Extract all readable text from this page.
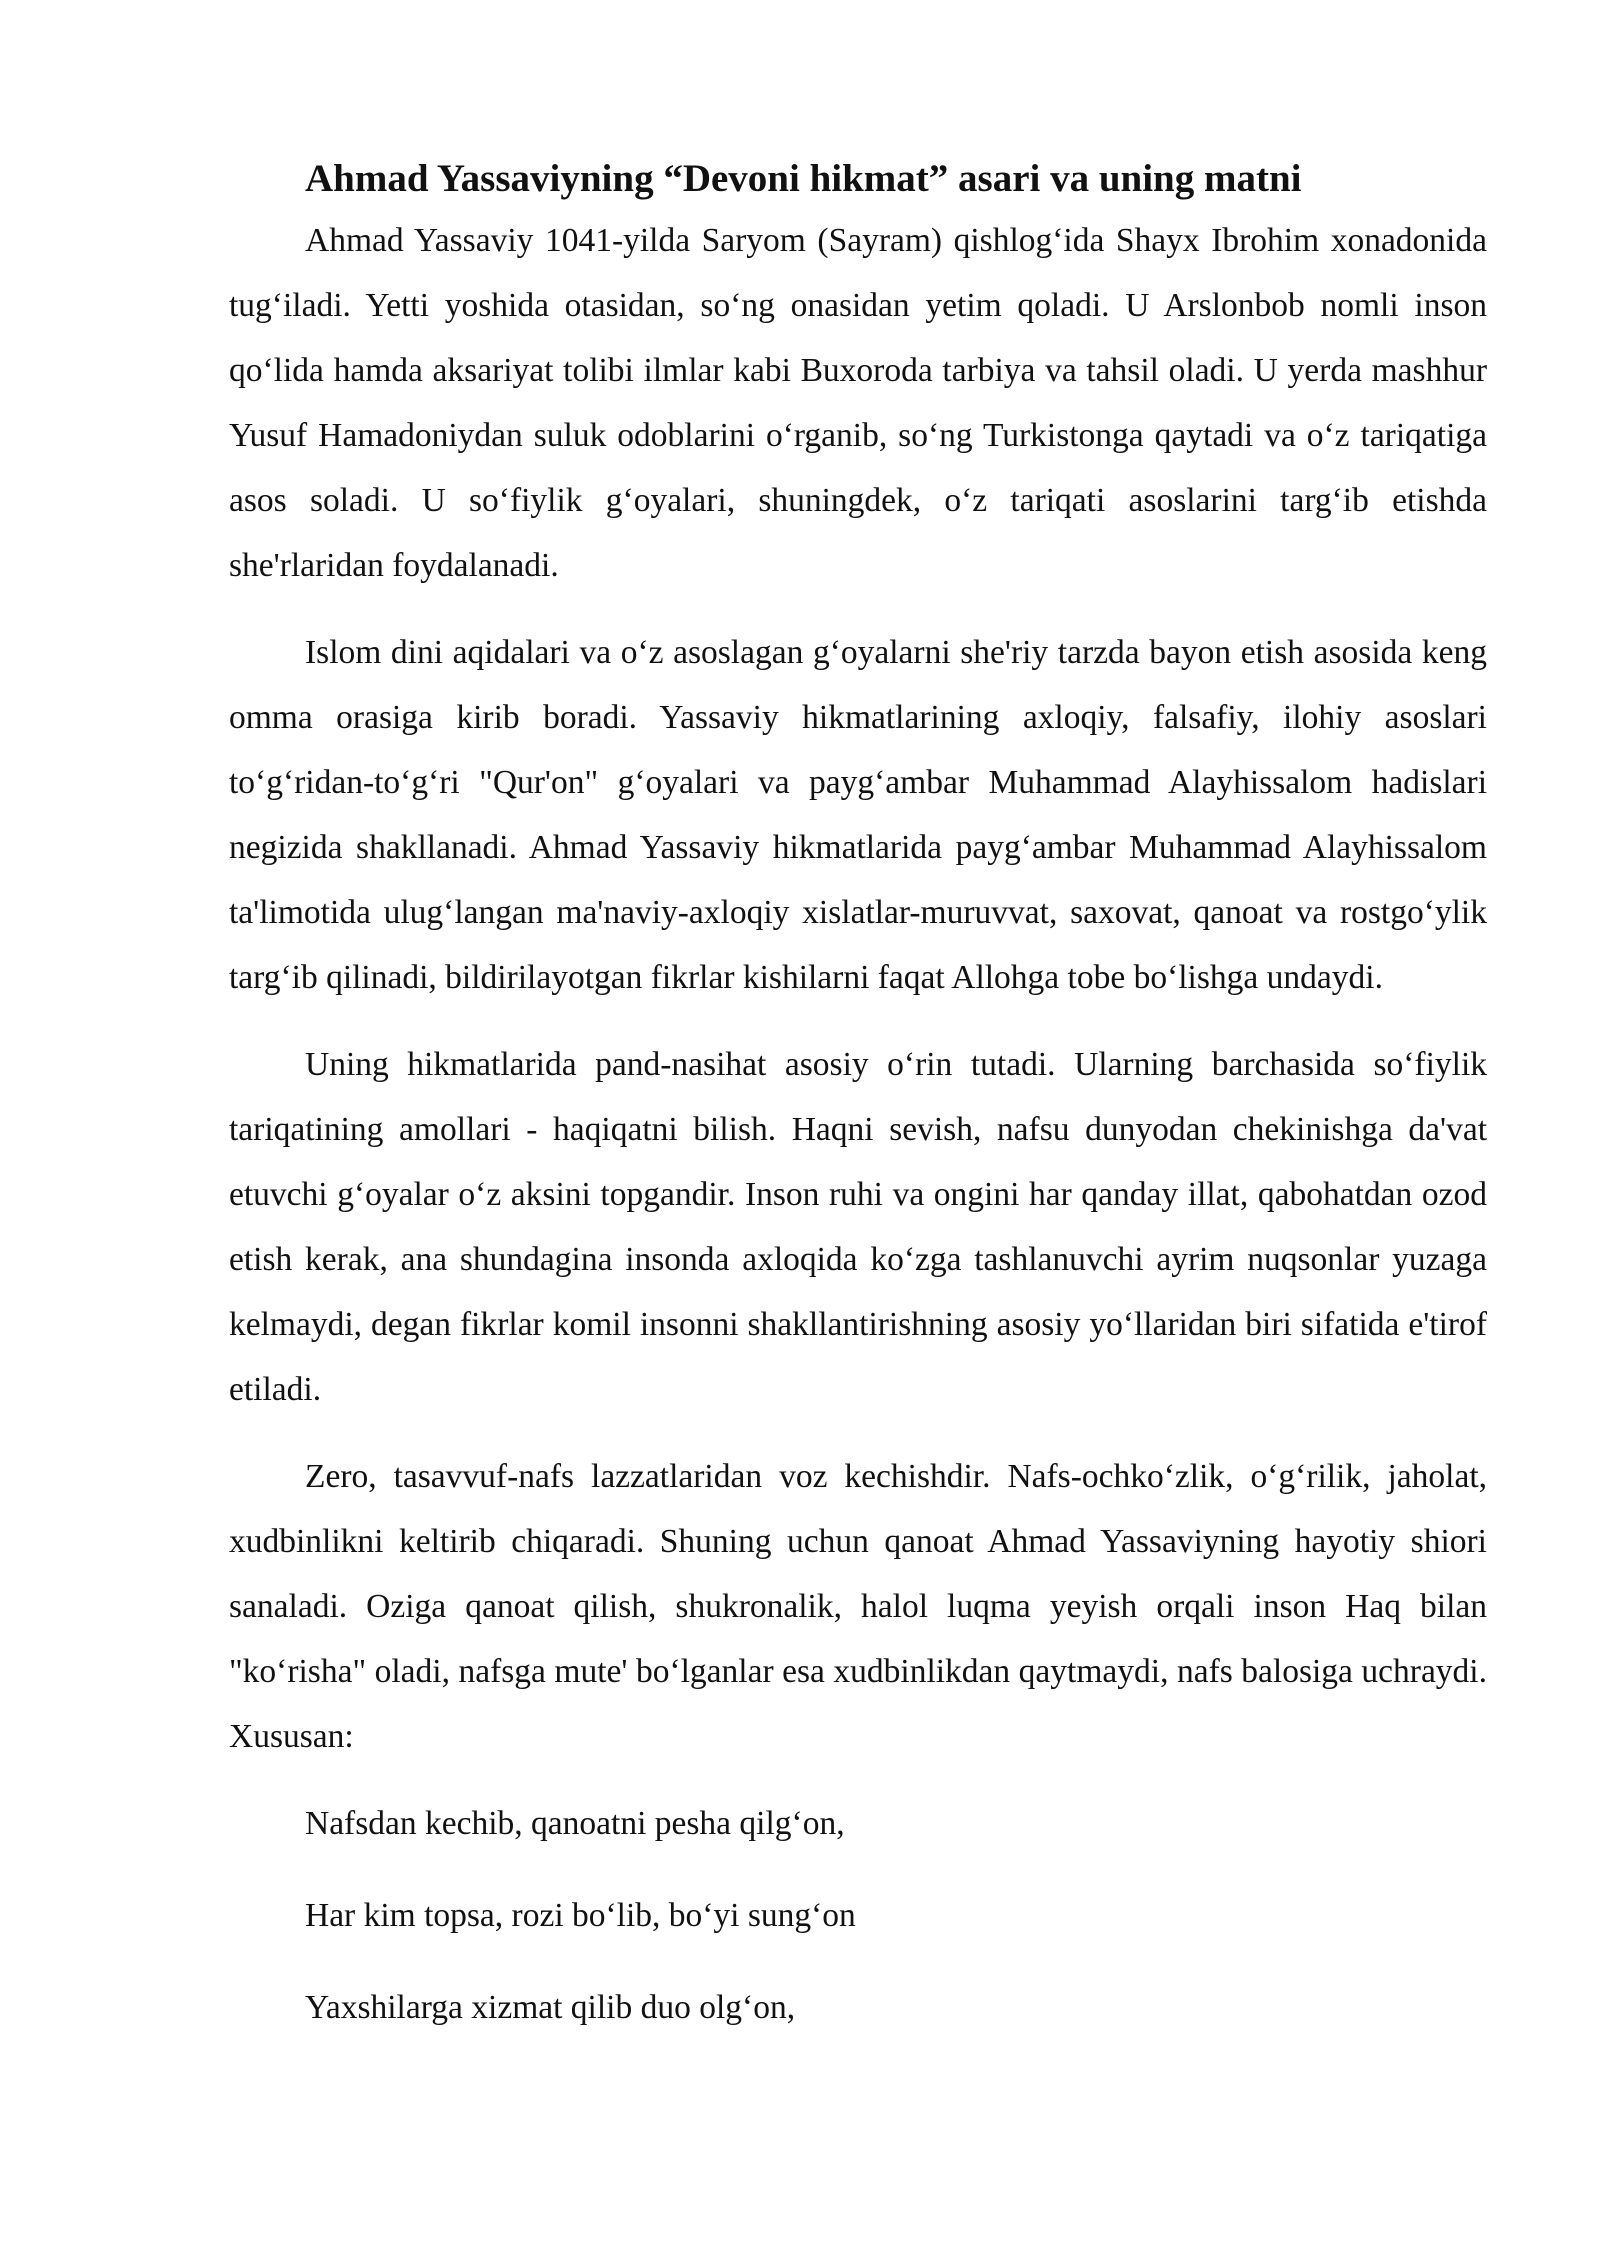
Ahmad Yassaviyning “Devoni hikmat” asari va uning matni

Ahmad Yassaviy 1041-yilda Saryom (Sayram) qishlog‘ida Shayx Ibrohim xonadonida tug‘iladi. Yetti yoshida otasidan, so‘ng onasidan yetim qoladi. U Arslonbob nomli inson qo‘lida hamda aksariyat tolibi ilmlar kabi Buxoroda tarbiya va tahsil oladi. U yerda mashhur Yusuf Hamadoniydan suluk odoblarini o‘rganib, so‘ng Turkistonga qaytadi va o‘z tariqatiga asos soladi. U so‘fiylik g‘oyalari, shuningdek, o‘z tariqati asoslarini targ‘ib etishda she'rlaridan foydalanadi.

Islom dini aqidalari va o‘z asoslagan g‘oyalarni she'riy tarzda bayon etish asosida keng omma orasiga kirib boradi. Yassaviy hikmatlarining axloqiy, falsafiy, ilohiy asoslari to‘g‘ridan-to‘g‘ri "Qur'on" g‘oyalari va payg‘ambar Muhammad Alayhissalom hadislari negizida shakllanadi. Ahmad Yassaviy hikmatlarida payg‘ambar Muhammad Alayhissalom ta'limotida ulug‘langan ma'naviy-axloqiy xislatlar-muruvvat, saxovat, qanoat va rostgo‘ylik targ‘ib qilinadi, bildirilayotgan fikrlar kishilarni faqat Allohga tobe bo‘lishga undaydi.

Uning hikmatlarida pand-nasihat asosiy o‘rin tutadi. Ularning barchasida so‘fiylik tariqatining amollari - haqiqatni bilish. Haqni sevish, nafsu dunyodan chekinishga da'vat etuvchi g‘oyalar o‘z aksini topgandir. Inson ruhi va ongini har qanday illat, qabohatdan ozod etish kerak, ana shundagina insonda axloqida ko‘zga tashlanuvchi ayrim nuqsonlar yuzaga kelmaydi, degan fikrlar komil insonni shakllantirishning asosiy yo‘llaridan biri sifatida e'tirof etiladi.

Zero, tasavvuf-nafs lazzatlaridan voz kechishdir. Nafs-ochko‘zlik, o‘g‘rilik, jaholat, xudbinlikni keltirib chiqaradi. Shuning uchun qanoat Ahmad Yassaviyning hayotiy shiori sanaladi. Oziga qanoat qilish, shukronalik, halol luqma yeyish orqali inson Haq bilan "ko‘risha" oladi, nafsga mute' bo‘lganlar esa xudbinlikdan qaytmaydi, nafs balosiga uchraydi. Xususan:

Nafsdan kechib, qanoatni pesha qilg‘on,

Har kim topsa, rozi bo‘lib, bo‘yi sung‘on

Yaxshilarga xizmat qilib duo olg‘on,
